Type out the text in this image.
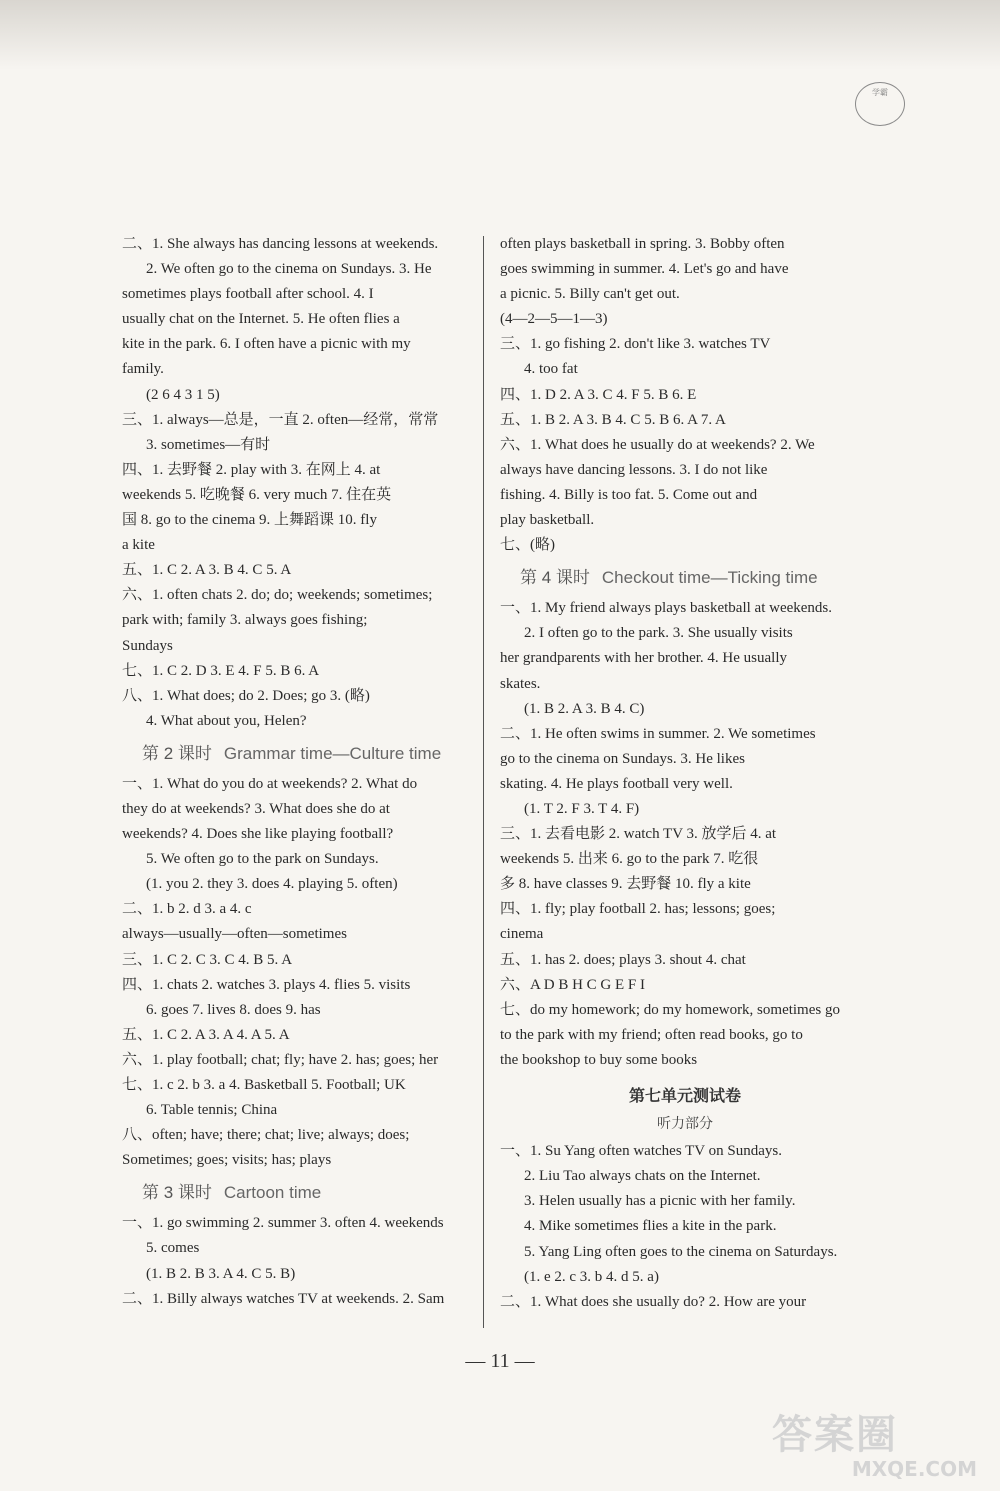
学霸
二、1. She always has dancing lessons at weekends.
2. We often go to the cinema on Sundays. 3. He
sometimes plays football after school. 4. I
usually chat on the Internet. 5. He often flies a
kite in the park. 6. I often have a picnic with my
family.
(2 6 4 3 1 5)
三、1. always—总是，一直 2. often—经常，常常
3. sometimes—有时
四、1. 去野餐 2. play with 3. 在网上 4. at
weekends 5. 吃晚餐 6. very much 7. 住在英
国 8. go to the cinema 9. 上舞蹈课 10. fly
a kite
五、1. C 2. A 3. B 4. C 5. A
六、1. often chats 2. do; do; weekends; sometimes;
park with; family 3. always goes fishing;
Sundays
七、1. C 2. D 3. E 4. F 5. B 6. A
八、1. What does; do 2. Does; go 3. (略)
4. What about you, Helen?
第 2 课时 Grammar time—Culture time
一、1. What do you do at weekends? 2. What do
they do at weekends? 3. What does she do at
weekends? 4. Does she like playing football?
5. We often go to the park on Sundays.
(1. you 2. they 3. does 4. playing 5. often)
二、1. b 2. d 3. a 4. c
always—usually—often—sometimes
三、1. C 2. C 3. C 4. B 5. A
四、1. chats 2. watches 3. plays 4. flies 5. visits
6. goes 7. lives 8. does 9. has
五、1. C 2. A 3. A 4. A 5. A
六、1. play football; chat; fly; have 2. has; goes; her
七、1. c 2. b 3. a 4. Basketball 5. Football; UK
6. Table tennis; China
八、often; have; there; chat; live; always; does;
Sometimes; goes; visits; has; plays
第 3 课时 Cartoon time
一、1. go swimming 2. summer 3. often 4. weekends
5. comes
(1. B 2. B 3. A 4. C 5. B)
二、1. Billy always watches TV at weekends. 2. Sam
often plays basketball in spring. 3. Bobby often
goes swimming in summer. 4. Let's go and have
a picnic. 5. Billy can't get out.
(4—2—5—1—3)
三、1. go fishing 2. don't like 3. watches TV
4. too fat
四、1. D 2. A 3. C 4. F 5. B 6. E
五、1. B 2. A 3. B 4. C 5. B 6. A 7. A
六、1. What does he usually do at weekends? 2. We
always have dancing lessons. 3. I do not like
fishing. 4. Billy is too fat. 5. Come out and
play basketball.
七、(略)
第 4 课时 Checkout time—Ticking time
一、1. My friend always plays basketball at weekends.
2. I often go to the park. 3. She usually visits
her grandparents with her brother. 4. He usually
skates.
(1. B 2. A 3. B 4. C)
二、1. He often swims in summer. 2. We sometimes
go to the cinema on Sundays. 3. He likes
skating. 4. He plays football very well.
(1. T 2. F 3. T 4. F)
三、1. 去看电影 2. watch TV 3. 放学后 4. at
weekends 5. 出来 6. go to the park 7. 吃很
多 8. have classes 9. 去野餐 10. fly a kite
四、1. fly; play football 2. has; lessons; goes;
cinema
五、1. has 2. does; plays 3. shout 4. chat
六、A D B H C G E F I
七、do my homework; do my homework, sometimes go
to the park with my friend; often read books, go to
the bookshop to buy some books
第七单元测试卷
听力部分
一、1. Su Yang often watches TV on Sundays.
2. Liu Tao always chats on the Internet.
3. Helen usually has a picnic with her family.
4. Mike sometimes flies a kite in the park.
5. Yang Ling often goes to the cinema on Saturdays.
(1. e 2. c 3. b 4. d 5. a)
二、1. What does she usually do? 2. How are your
— 11 —
答案圈
MXQE.COM
